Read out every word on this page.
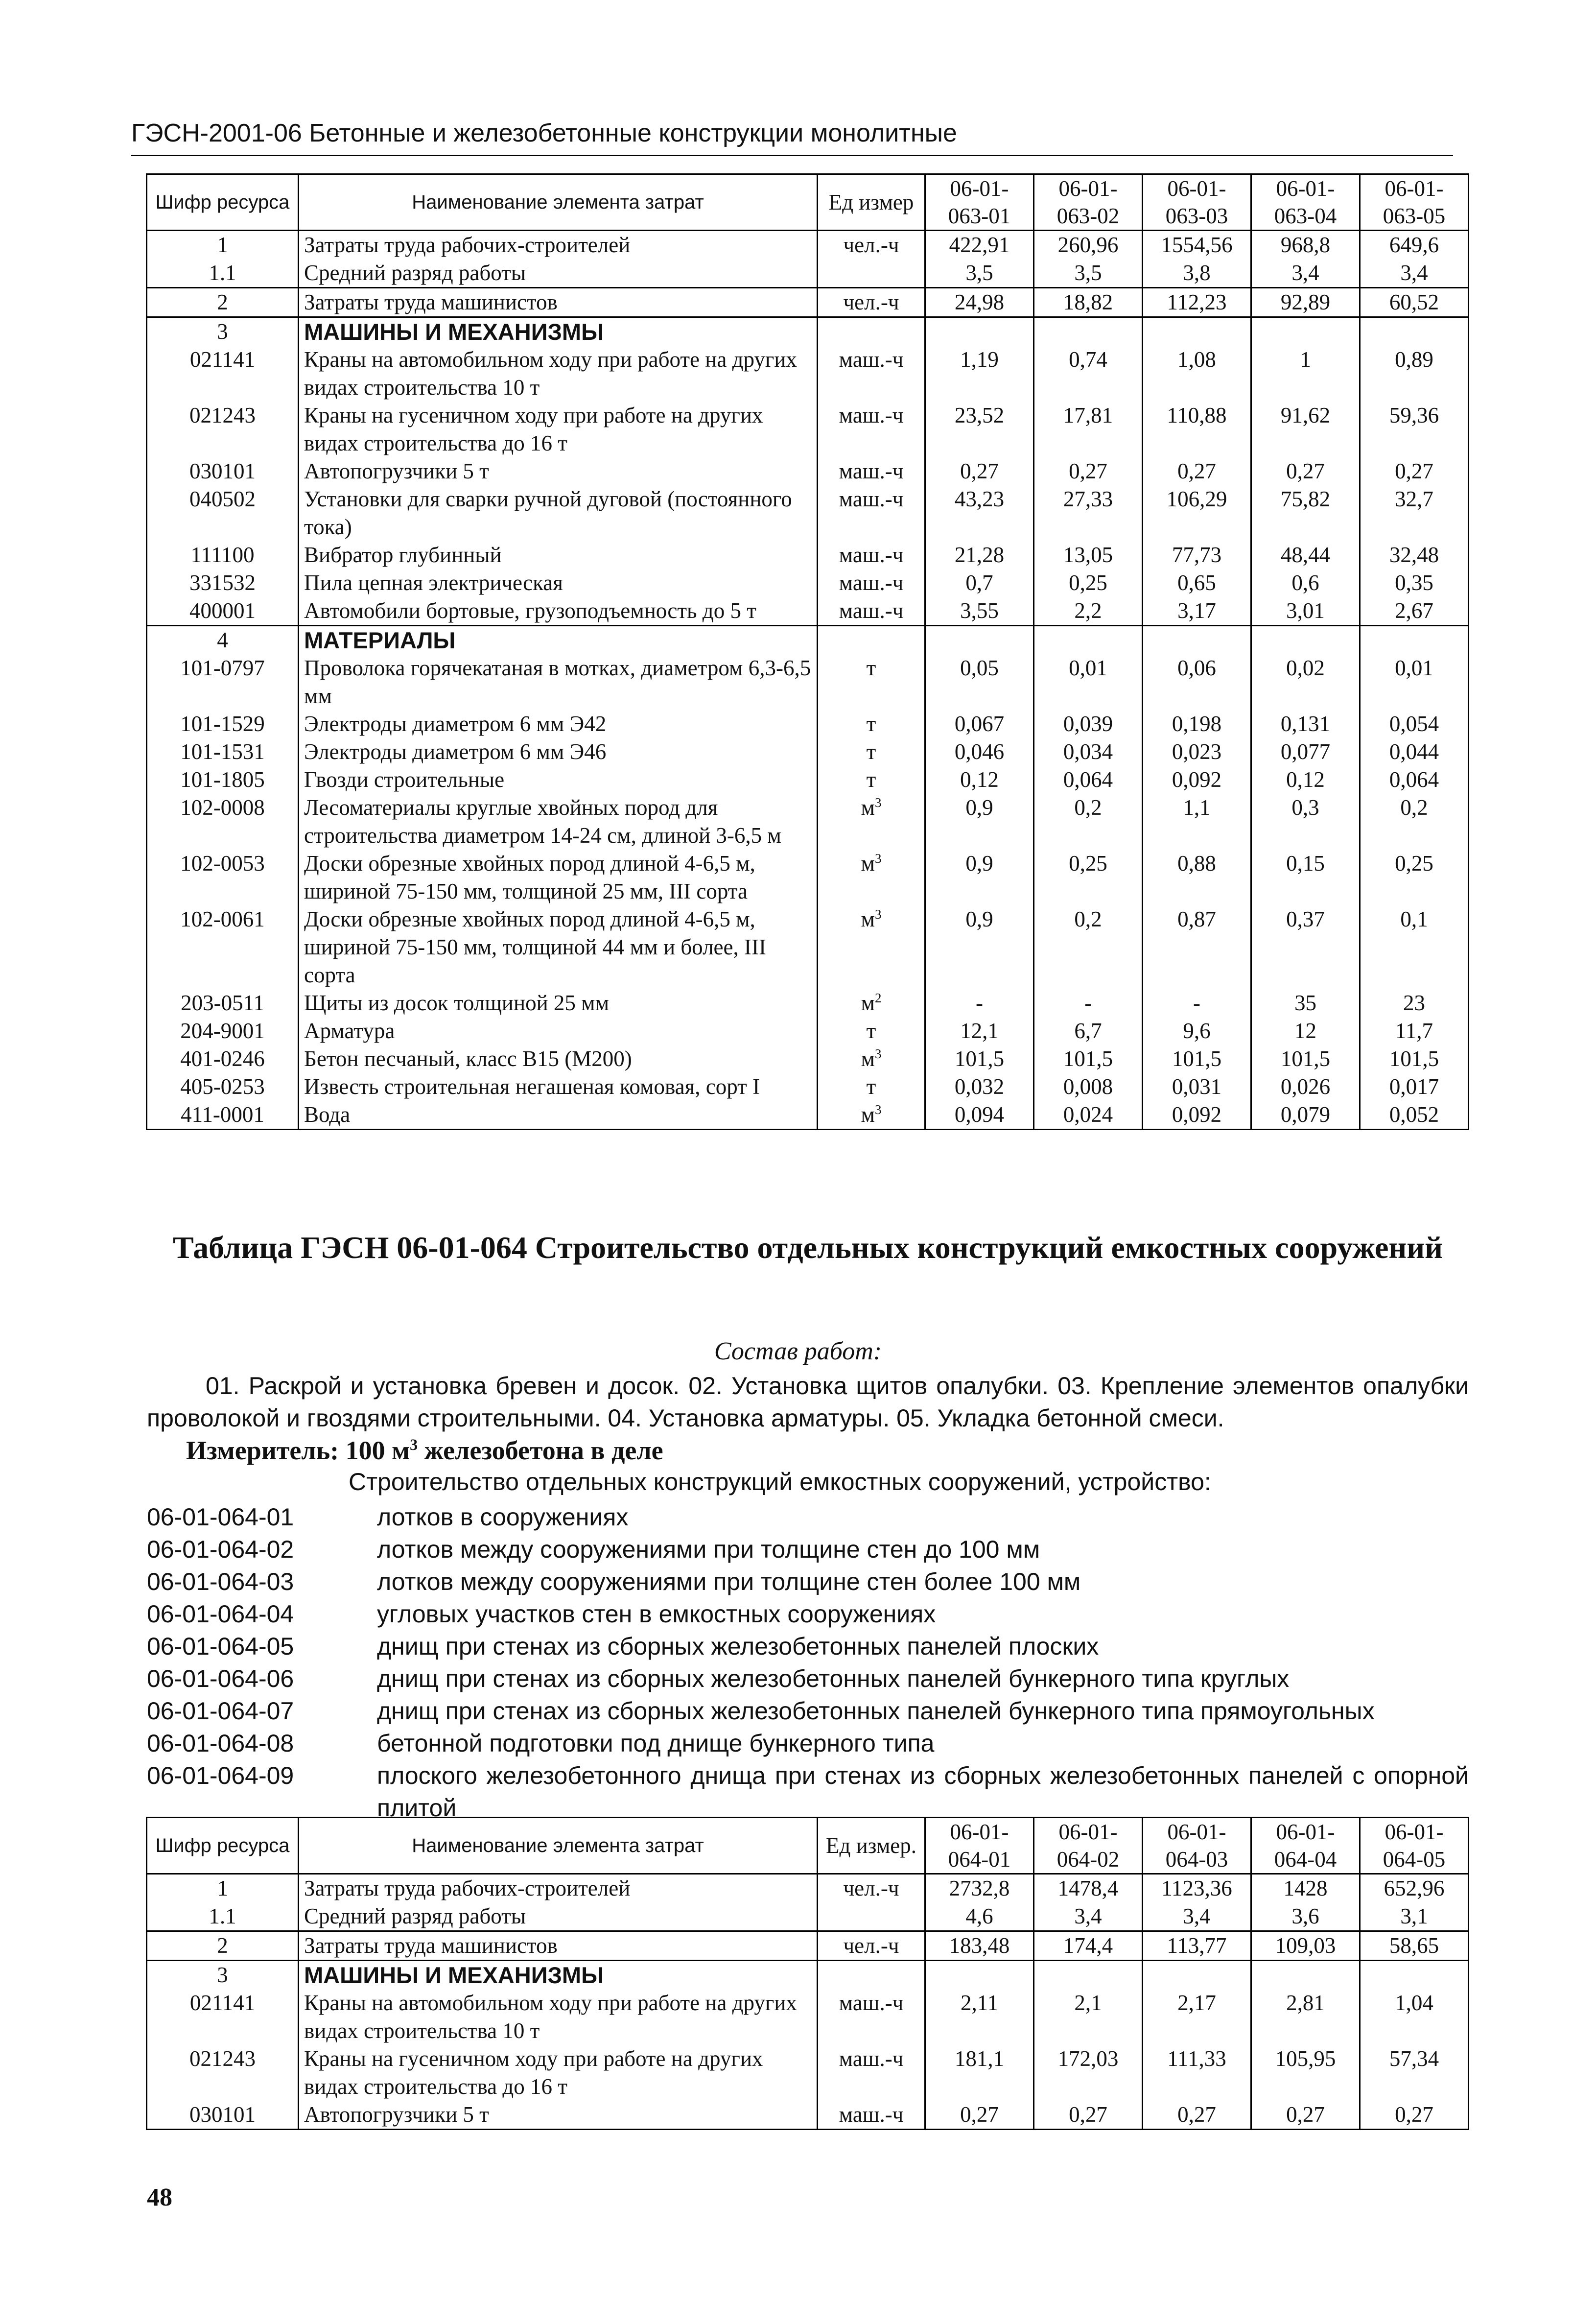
ГЭСН-2001-06 Бетонные и железобетонные конструкции монолитные
Шифр ресурса	Наименование элемента затрат	Ед измер	06-01-063-01	06-01-063-02	06-01-063-03	06-01-063-04	06-01-063-05
1	Затраты труда рабочих-строителей	чел.-ч	422,91	260,96	1554,56	968,8	649,6
1.1	Средний разряд работы		3,5	3,5	3,8	3,4	3,4
2	Затраты труда машинистов	чел.-ч	24,98	18,82	112,23	92,89	60,52
3	МАШИНЫ И МЕХАНИЗМЫ						
021141	Краны на автомобильном ходу при работе на других видах строительства 10 т	маш.-ч	1,19	0,74	1,08	1	0,89
021243	Краны на гусеничном ходу при работе на других видах строительства до 16 т	маш.-ч	23,52	17,81	110,88	91,62	59,36
030101	Автопогрузчики 5 т	маш.-ч	0,27	0,27	0,27	0,27	0,27
040502	Установки для сварки ручной дуговой (постоянного тока)	маш.-ч	43,23	27,33	106,29	75,82	32,7
111100	Вибратор глубинный	маш.-ч	21,28	13,05	77,73	48,44	32,48
331532	Пила цепная электрическая	маш.-ч	0,7	0,25	0,65	0,6	0,35
400001	Автомобили бортовые, грузоподъемность до 5 т	маш.-ч	3,55	2,2	3,17	3,01	2,67
4	МАТЕРИАЛЫ						
101-0797	Проволока горячекатаная в мотках, диаметром 6,3-6,5 мм	т	0,05	0,01	0,06	0,02	0,01
101-1529	Электроды диаметром 6 мм Э42	т	0,067	0,039	0,198	0,131	0,054
101-1531	Электроды диаметром 6 мм Э46	т	0,046	0,034	0,023	0,077	0,044
101-1805	Гвозди строительные	т	0,12	0,064	0,092	0,12	0,064
102-0008	Лесоматериалы круглые хвойных пород для строительства диаметром 14-24 см, длиной 3-6,5 м	$м^3$	0,9	0,2	1,1	0,3	0,2
102-0053	Доски обрезные хвойных пород длиной 4-6,5 м, шириной 75-150 мм, толщиной 25 мм, III сорта	$м^3$	0,9	0,25	0,88	0,15	0,25
102-0061	Доски обрезные хвойных пород длиной 4-6,5 м, шириной 75-150 мм, толщиной 44 мм и более, III сорта	$м^3$	0,9	0,2	0,87	0,37	0,1
203-0511	Щиты из досок толщиной 25 мм	$м^2$	-	-	-	35	23
204-9001	Арматура	т	12,1	6,7	9,6	12	11,7
401-0246	Бетон песчаный, класс В15 (М200)	$м^3$	101,5	101,5	101,5	101,5	101,5
405-0253	Известь строительная негашеная комовая, сорт I	т	0,032	0,008	0,031	0,026	0,017
411-0001	Вода	$м^3$	0,094	0,024	0,092	0,079	0,052
Таблица ГЭСН 06-01-064 Строительство отдельных конструкций емкостных сооружений
Состав работ:
01. Раскрой и установка бревен и досок. 02. Установка щитов опалубки. 03. Крепление элементов опалубки проволокой и гвоздями строительными. 04. Установка арматуры. 05. Укладка бетонной смеси.
Измеритель: 100 $м^3$ железобетона в деле
Строительство отдельных конструкций емкостных сооружений, устройство:
06-01-064-01	лотков в сооружениях
06-01-064-02	лотков между сооружениями при толщине стен до 100 мм
06-01-064-03	лотков между сооружениями при толщине стен более 100 мм
06-01-064-04	угловых участков стен в емкостных сооружениях
06-01-064-05	днищ при стенах из сборных железобетонных панелей плоских
06-01-064-06	днищ при стенах из сборных железобетонных панелей бункерного типа круглых
06-01-064-07	днищ при стенах из сборных железобетонных панелей бункерного типа прямоугольных
06-01-064-08	бетонной подготовки под днище бункерного типа
06-01-064-09	плоского железобетонного днища при стенах из сборных железобетонных панелей с опорной плитой
Шифр ресурса	Наименование элемента затрат	Ед измер.	06-01-064-01	06-01-064-02	06-01-064-03	06-01-064-04	06-01-064-05
1	Затраты труда рабочих-строителей	чел.-ч	2732,8	1478,4	1123,36	1428	652,96
1.1	Средний разряд работы		4,6	3,4	3,4	3,6	3,1
2	Затраты труда машинистов	чел.-ч	183,48	174,4	113,77	109,03	58,65
3	МАШИНЫ И МЕХАНИЗМЫ						
021141	Краны на автомобильном ходу при работе на других видах строительства 10 т	маш.-ч	2,11	2,1	2,17	2,81	1,04
021243	Краны на гусеничном ходу при работе на других видах строительства до 16 т	маш.-ч	181,1	172,03	111,33	105,95	57,34
030101	Автопогрузчики 5 т	маш.-ч	0,27	0,27	0,27	0,27	0,27
48
